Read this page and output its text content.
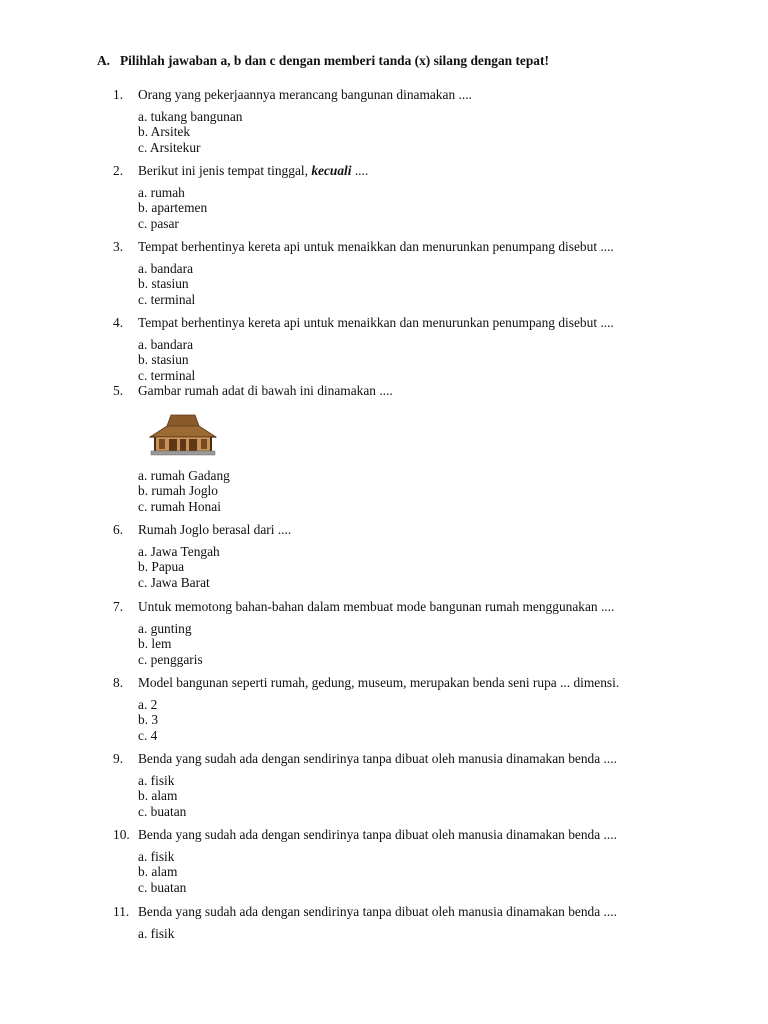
A. Pilihlah jawaban a, b dan c dengan memberi tanda (x) silang dengan tepat!
1. Orang yang pekerjaannya merancang bangunan dinamakan ....
a. tukang bangunan
b. Arsitek
c. Arsitekur
2. Berikut ini jenis tempat tinggal, kecuali ....
a. rumah
b. apartemen
c. pasar
3. Tempat berhentinya kereta api untuk menaikkan dan menurunkan penumpang disebut ....
a. bandara
b. stasiun
c. terminal
4. Tempat berhentinya kereta api untuk menaikkan dan menurunkan penumpang disebut ....
a. bandara
b. stasiun
c. terminal
5. Gambar rumah adat di bawah ini dinamakan ....
a. rumah Gadang
b. rumah Joglo
c. rumah Honai
6. Rumah Joglo berasal dari ....
a. Jawa Tengah
b. Papua
c. Jawa Barat
7. Untuk memotong bahan-bahan dalam membuat mode bangunan rumah menggunakan ....
a. gunting
b. lem
c. penggaris
8. Model bangunan seperti rumah, gedung, museum, merupakan benda seni rupa ... dimensi.
a. 2
b. 3
c. 4
9. Benda yang sudah ada dengan sendirinya tanpa dibuat oleh manusia dinamakan benda ....
a. fisik
b. alam
c. buatan
10. Benda yang sudah ada dengan sendirinya tanpa dibuat oleh manusia dinamakan benda ....
a. fisik
b. alam
c. buatan
11. Benda yang sudah ada dengan sendirinya tanpa dibuat oleh manusia dinamakan benda ....
a. fisik
